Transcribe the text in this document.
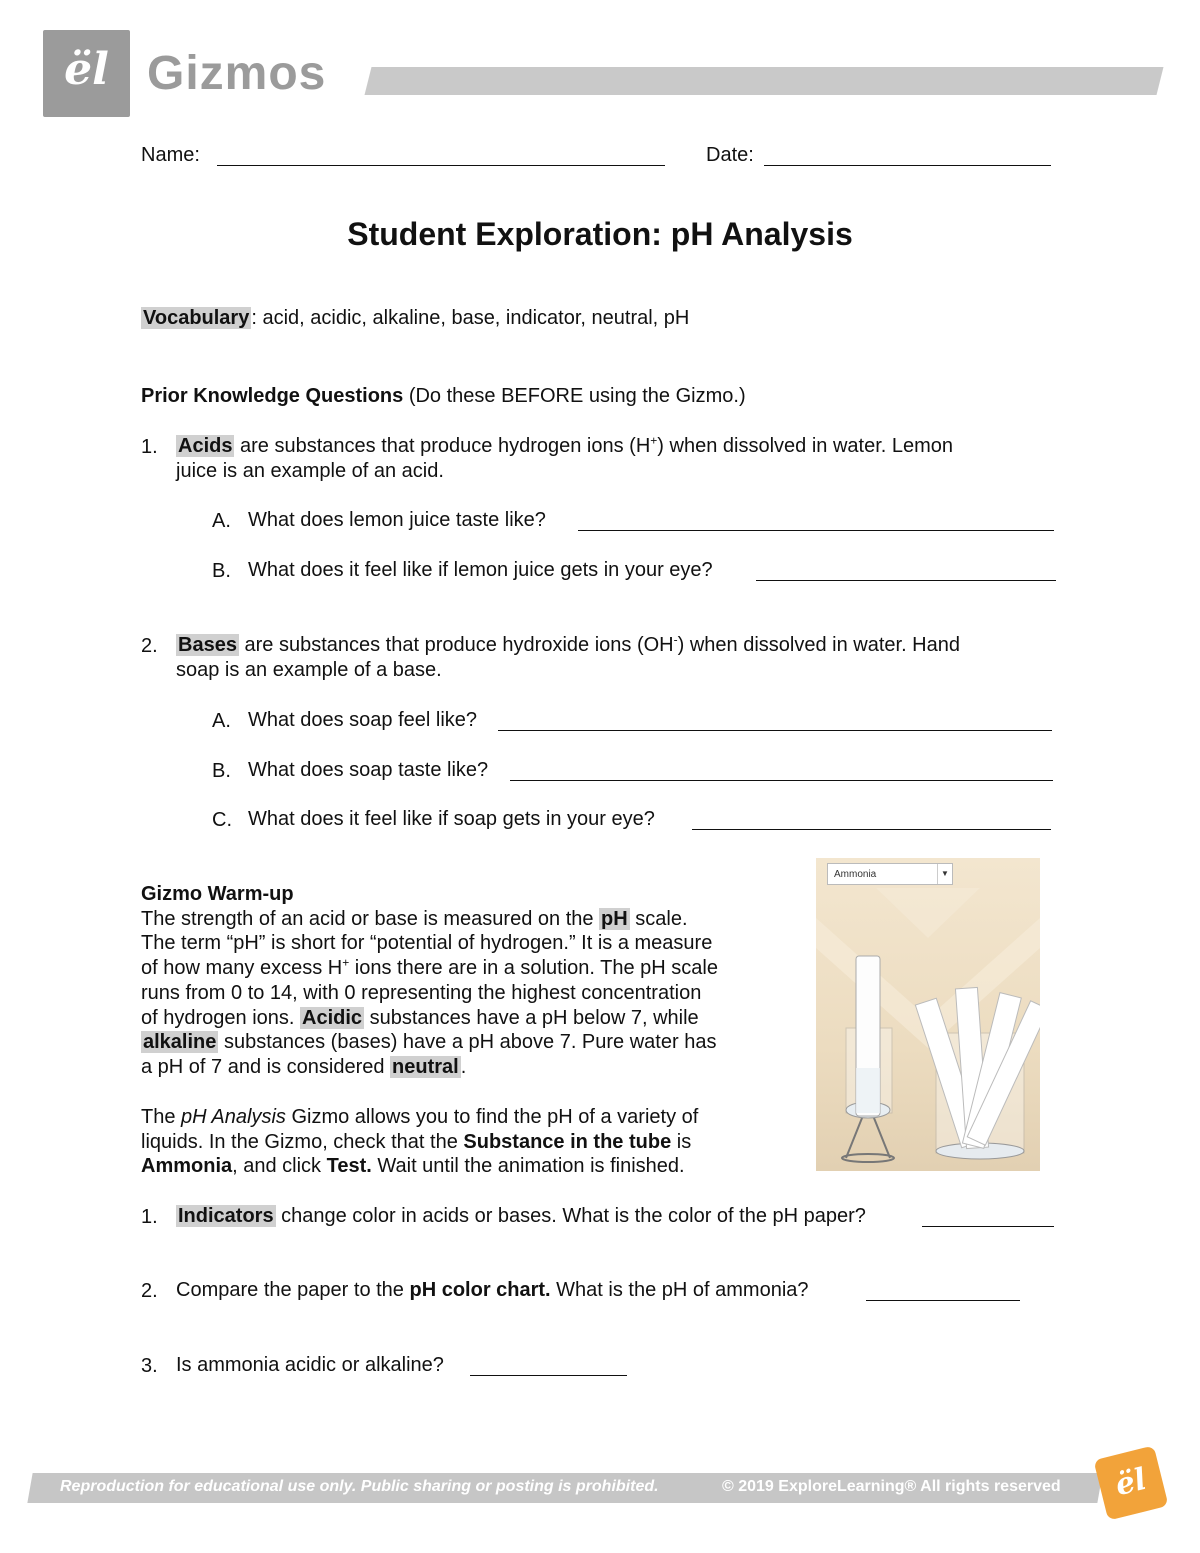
ël Gizmos
Name:	Date:
Student Exploration: pH Analysis
Vocabulary : acid, acidic, alkaline, base, indicator, neutral, pH
Prior Knowledge Questions (Do these BEFORE using the Gizmo.)
1. Acids are substances that produce hydrogen ions (H+) when dissolved in water. Lemon
juice is an example of an acid.
A. What does lemon juice taste like?
B. What does it feel like if lemon juice gets in your eye?
2. Bases are substances that produce hydroxide ions (OH-) when dissolved in water. Hand
soap is an example of a base.
A. What does soap feel like?
B. What does soap taste like?
C. What does it feel like if soap gets in your eye?
Gizmo Warm-up
The strength of an acid or base is measured on the pH scale.
The term “pH” is short for “potential of hydrogen.” It is a measure
of how many excess H+ ions there are in a solution. The pH scale
runs from 0 to 14, with 0 representing the highest concentration
of hydrogen ions. Acidic substances have a pH below 7, while
alkaline substances (bases) have a pH above 7. Pure water has
a pH of 7 and is considered neutral .
The pH Analysis Gizmo allows you to find the pH of a variety of
liquids. In the Gizmo, check that the Substance in the tube is
Ammonia, and click Test. Wait until the animation is finished.
Ammonia	▼
1. Indicators change color in acids or bases. What is the color of the pH paper?
2. Compare the paper to the pH color chart. What is the pH of ammonia?
3. Is ammonia acidic or alkaline?
Reproduction for educational use only. Public sharing or posting is prohibited.	© 2019 ExploreLearning® All rights reserved	ël
